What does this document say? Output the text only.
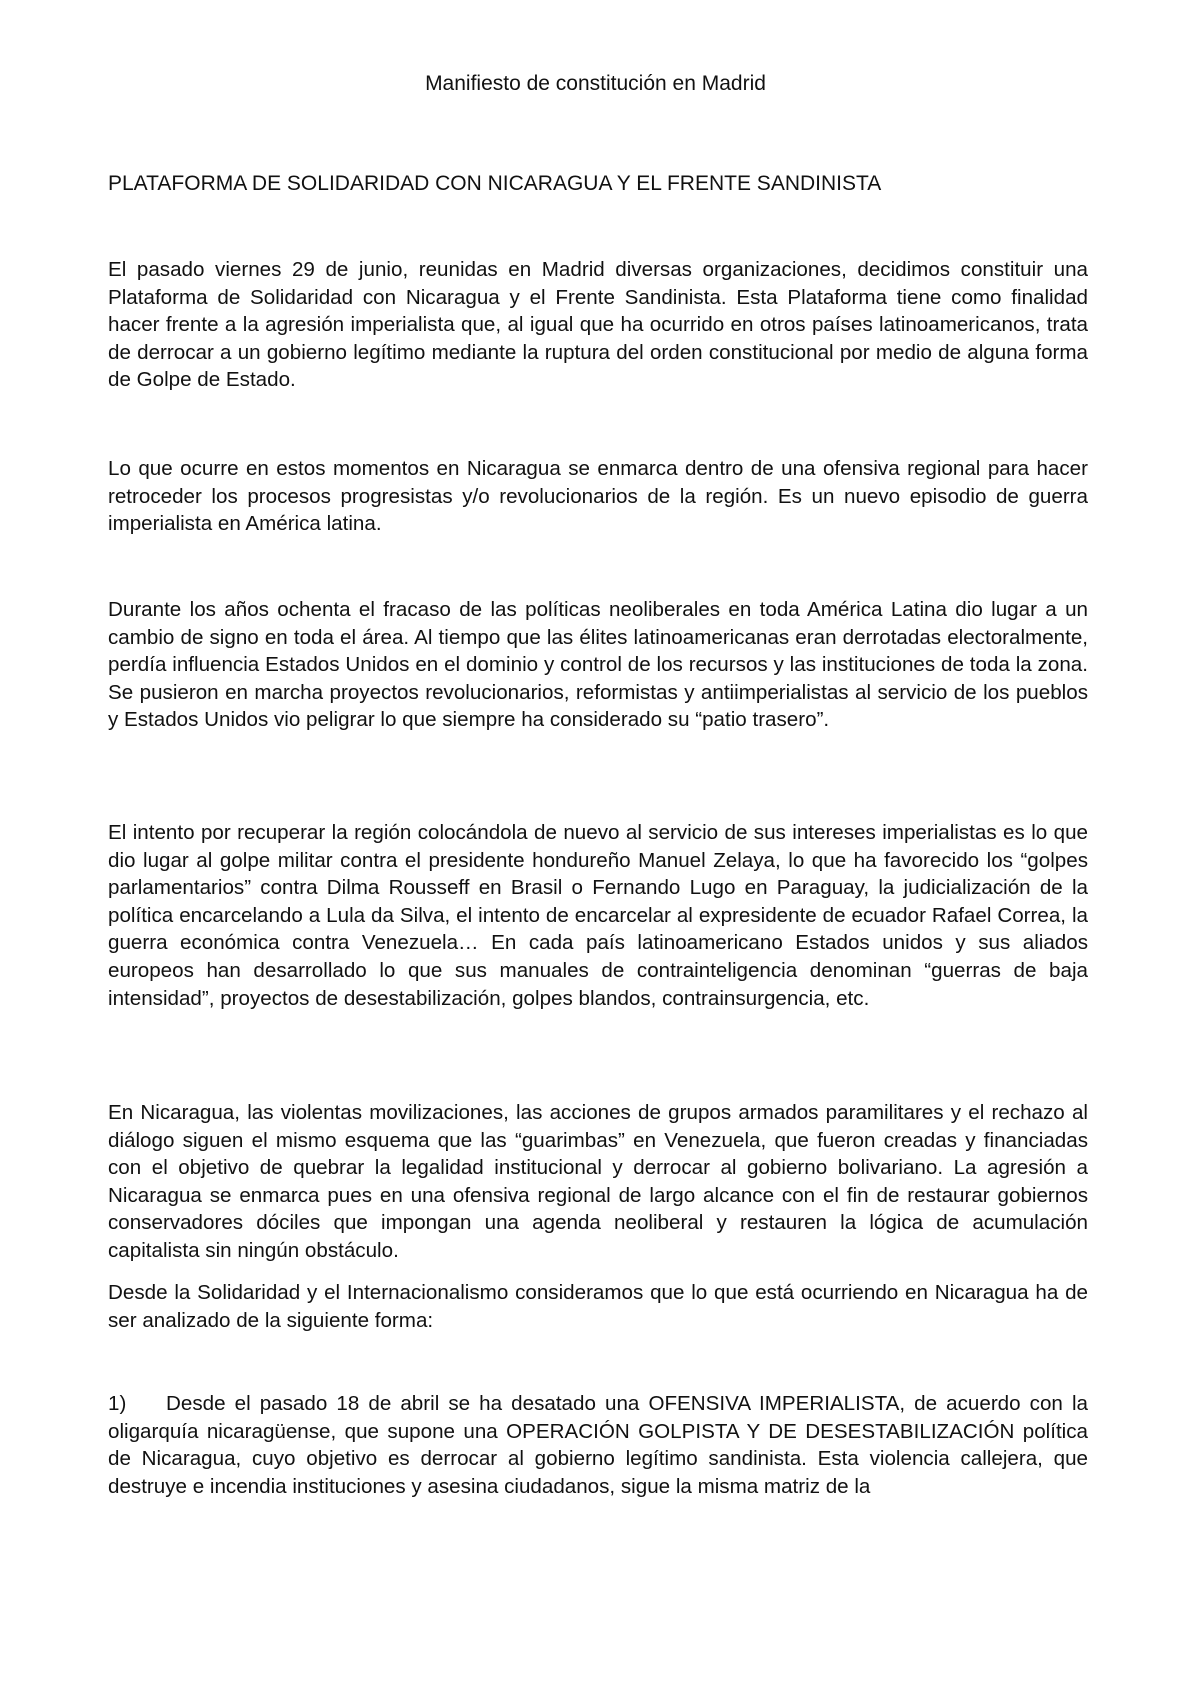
Manifiesto de constitución en Madrid
PLATAFORMA DE SOLIDARIDAD CON NICARAGUA Y EL FRENTE SANDINISTA

El pasado viernes 29 de junio, reunidas en Madrid diversas organizaciones, decidimos constituir una Plataforma de Solidaridad con Nicaragua y el Frente Sandinista. Esta Plataforma tiene como finalidad hacer frente a la agresión imperialista que, al igual que ha ocurrido en otros países latinoamericanos, trata de derrocar a un gobierno legítimo mediante la ruptura del orden constitucional por medio de alguna forma de Golpe de Estado.

Lo que ocurre en estos momentos en Nicaragua se enmarca dentro de una ofensiva regional para hacer retroceder los procesos progresistas y/o revolucionarios de la región. Es un nuevo episodio de guerra imperialista en América latina.

Durante los años ochenta el fracaso de las políticas neoliberales en toda América Latina dio lugar a un cambio de signo en toda el área. Al tiempo que las élites latinoamericanas eran derrotadas electoralmente, perdía influencia Estados Unidos en el dominio y control de los recursos y las instituciones de toda la zona. Se pusieron en marcha proyectos revolucionarios, reformistas y antiimperialistas al servicio de los pueblos y Estados Unidos vio peligrar lo que siempre ha considerado su “patio trasero”.

El intento por recuperar la región colocándola de nuevo al servicio de sus intereses imperialistas es lo que dio lugar al golpe militar contra el presidente hondureño Manuel Zelaya, lo que ha favorecido los “golpes parlamentarios” contra Dilma Rousseff en Brasil o Fernando Lugo en Paraguay, la judicialización de la política encarcelando a Lula da Silva, el intento de encarcelar al expresidente de ecuador Rafael Correa, la guerra económica contra Venezuela… En cada país latinoamericano Estados unidos y sus aliados europeos han desarrollado lo que sus manuales de contrainteligencia denominan “guerras de baja intensidad”, proyectos de desestabilización, golpes blandos, contrainsurgencia, etc.

En Nicaragua, las violentas movilizaciones, las acciones de grupos armados paramilitares y el rechazo al diálogo siguen el mismo esquema que las “guarimbas” en Venezuela, que fueron creadas y financiadas con el objetivo de quebrar la legalidad institucional y derrocar al gobierno bolivariano. La agresión a Nicaragua se enmarca pues en una ofensiva regional de largo alcance con el fin de restaurar gobiernos conservadores dóciles que impongan una agenda neoliberal y restauren la lógica de acumulación capitalista sin ningún obstáculo.

Desde la Solidaridad y el Internacionalismo consideramos que lo que está ocurriendo en Nicaragua ha de ser analizado de la siguiente forma:

1) Desde el pasado 18 de abril se ha desatado una OFENSIVA IMPERIALISTA, de acuerdo con la oligarquía nicaragüense, que supone una OPERACIÓN GOLPISTA Y DE DESESTABILIZACIÓN política de Nicaragua, cuyo objetivo es derrocar al gobierno legítimo sandinista. Esta violencia callejera, que destruye e incendia instituciones y asesina ciudadanos, sigue la misma matriz de la
